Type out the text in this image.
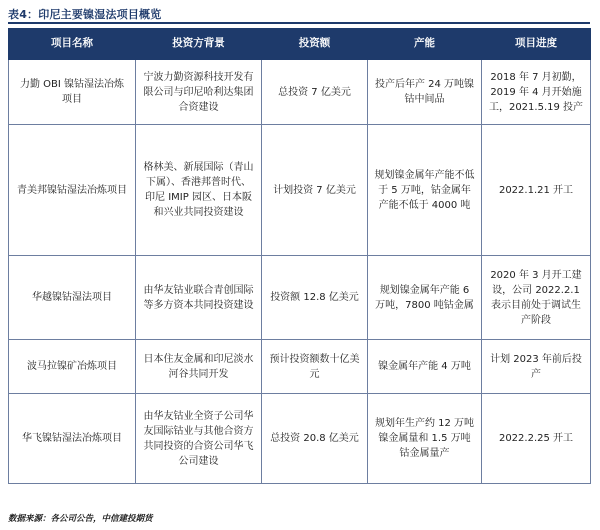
表4：印尼主要镍湿法项目概览
项目名称	投资方背景	投资额	产能	项目进度
力勤 OBI 镍钴湿法冶炼项目	宁波力勤资源科技开发有限公司与印尼哈利达集团合资建设	总投资 7 亿美元	投产后年产 24 万吨镍钴中间品	2018 年 7 月初勤，2019 年 4 月开始施工，2021.5.19 投产
青美邦镍钴湿法冶炼项目	格林美、新展国际（青山下属）、香港邦普时代、印尼 IMIP 园区、日本阪和兴业共同投资建设	计划投资 7 亿美元	规划镍金属年产能不低于 5 万吨，钴金属年产能不低于 4000 吨	2022.1.21 开工
华越镍钴湿法项目	由华友钴业联合青创国际等多方资本共同投资建设	投资额 12.8 亿美元	规划镍金属年产能 6 万吨，7800 吨钴金属	2020 年 3 月开工建设，公司 2022.2.1 表示目前处于调试生产阶段
波马拉镍矿冶炼项目	日本住友金属和印尼淡水河谷共同开发	预计投资额数十亿美元	镍金属年产能 4 万吨	计划 2023 年前后投产
华飞镍钴湿法冶炼项目	由华友钴业全资子公司华友国际钴业与其他合资方共同投资的合资公司华飞公司建设	总投资 20.8 亿美元	规划年生产约 12 万吨镍金属量和 1.5 万吨钴金属量产	2022.2.25 开工
数据来源：各公司公告，中信建投期货
